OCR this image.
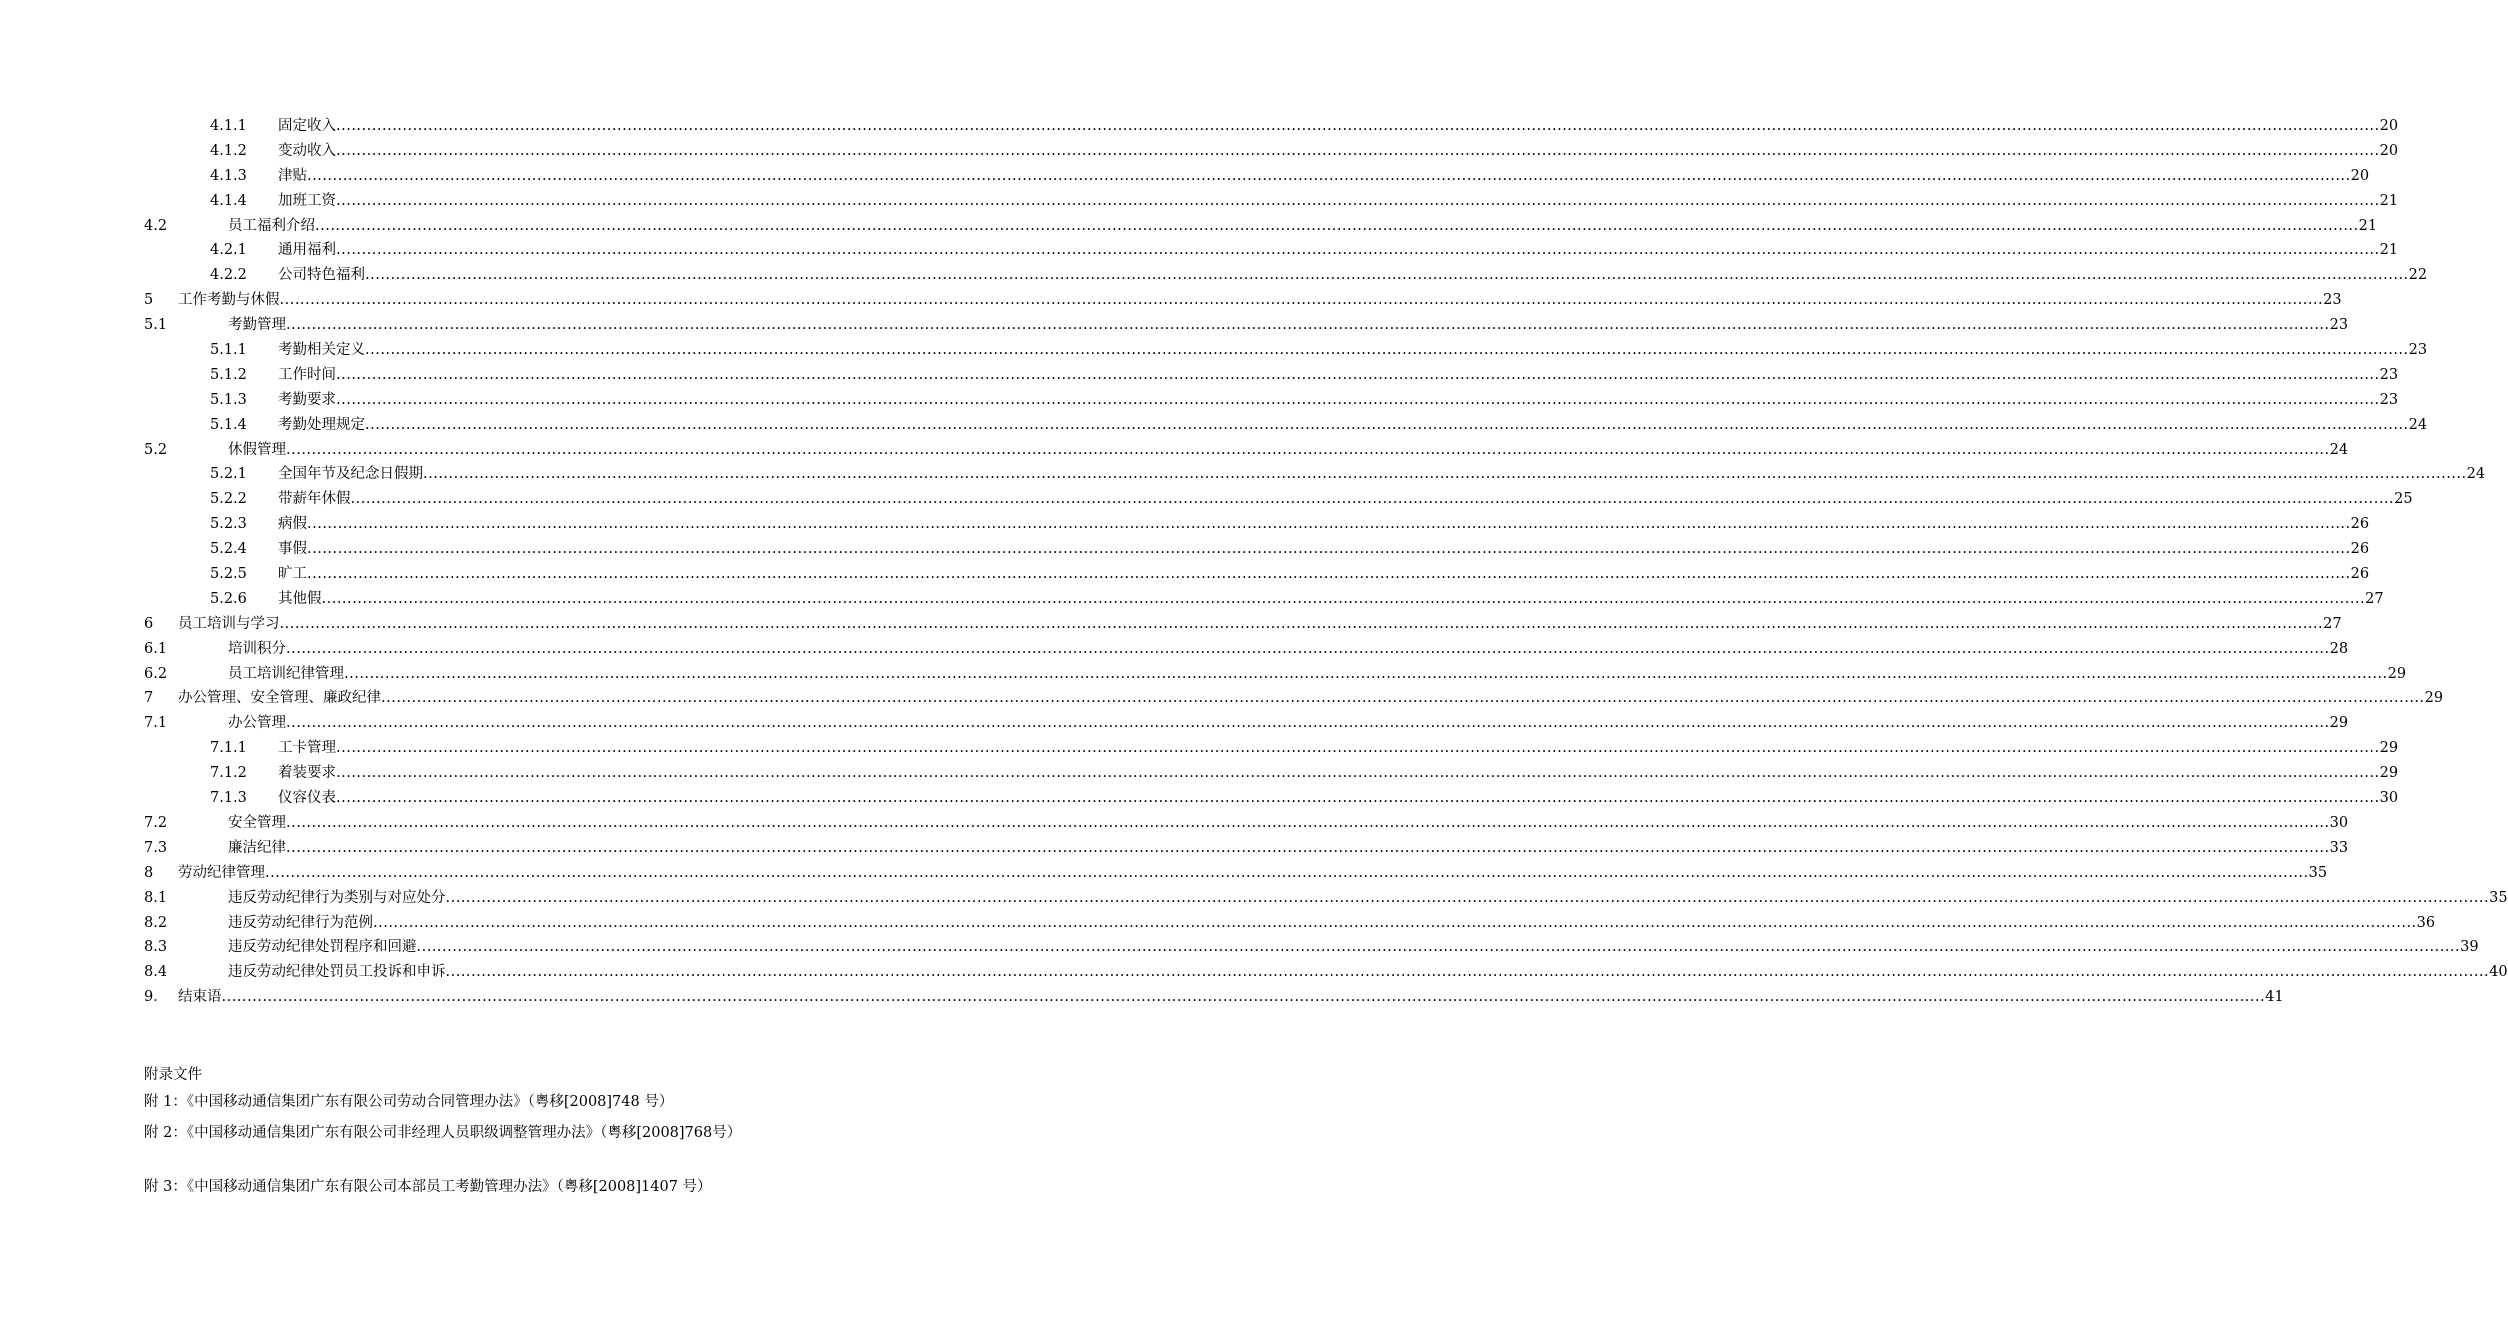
4.1.1 固定收入 ................................................................................................................................................................................................................................................................................................................................................................................................................ 20
4.1.2 变动收入 ................................................................................................................................................................................................................................................................................................................................................................................................................ 20
4.1.3 津贴 ................................................................................................................................................................................................................................................................................................................................................................................................................ 20
4.1.4 加班工资 ................................................................................................................................................................................................................................................................................................................................................................................................................ 21
4.2	员工福利介绍 ................................................................................................................................................................................................................................................................................................................................................................................................................ 21
4.2.1 通用福利 ................................................................................................................................................................................................................................................................................................................................................................................................................ 21
4.2.2 公司特色福利 ................................................................................................................................................................................................................................................................................................................................................................................................................ 22
5 工作考勤与休假 ................................................................................................................................................................................................................................................................................................................................................................................................................ 23
5.1	考勤管理 ................................................................................................................................................................................................................................................................................................................................................................................................................ 23
5.1.1 考勤相关定义 ................................................................................................................................................................................................................................................................................................................................................................................................................ 23
5.1.2 工作时间 ................................................................................................................................................................................................................................................................................................................................................................................................................ 23
5.1.3 考勤要求 ................................................................................................................................................................................................................................................................................................................................................................................................................ 23
5.1.4 考勤处理规定 ................................................................................................................................................................................................................................................................................................................................................................................................................ 24
5.2	休假管理 ................................................................................................................................................................................................................................................................................................................................................................................................................ 24
5.2.1 全国年节及纪念日假期 ................................................................................................................................................................................................................................................................................................................................................................................................................ 24
5.2.2 带薪年休假 ................................................................................................................................................................................................................................................................................................................................................................................................................ 25
5.2.3 病假 ................................................................................................................................................................................................................................................................................................................................................................................................................ 26
5.2.4 事假 ................................................................................................................................................................................................................................................................................................................................................................................................................ 26
5.2.5 旷工 ................................................................................................................................................................................................................................................................................................................................................................................................................ 26
5.2.6 其他假 ................................................................................................................................................................................................................................................................................................................................................................................................................ 27
6 员工培训与学习 ................................................................................................................................................................................................................................................................................................................................................................................................................ 27
6.1	培训积分 ................................................................................................................................................................................................................................................................................................................................................................................................................ 28
6.2	员工培训纪律管理 ................................................................................................................................................................................................................................................................................................................................................................................................................ 29
7 办公管理、安全管理、廉政纪律 ................................................................................................................................................................................................................................................................................................................................................................................................................ 29
7.1	办公管理 ................................................................................................................................................................................................................................................................................................................................................................................................................ 29
7.1.1 工卡管理 ................................................................................................................................................................................................................................................................................................................................................................................................................ 29
7.1.2 着装要求 ................................................................................................................................................................................................................................................................................................................................................................................................................ 29
7.1.3 仪容仪表 ................................................................................................................................................................................................................................................................................................................................................................................................................ 30
7.2	安全管理 ................................................................................................................................................................................................................................................................................................................................................................................................................ 30
7.3	廉洁纪律 ................................................................................................................................................................................................................................................................................................................................................................................................................ 33
8 劳动纪律管理 ................................................................................................................................................................................................................................................................................................................................................................................................................ 35
8.1	违反劳动纪律行为类别与对应处分 ................................................................................................................................................................................................................................................................................................................................................................................................................ 35
8.2	违反劳动纪律行为范例 ................................................................................................................................................................................................................................................................................................................................................................................................................ 36
8.3	违反劳动纪律处罚程序和回避 ................................................................................................................................................................................................................................................................................................................................................................................................................ 39
8.4	违反劳动纪律处罚员工投诉和申诉 ................................................................................................................................................................................................................................................................................................................................................................................................................ 40
9． 结束语 ................................................................................................................................................................................................................................................................................................................................................................................................................ 41
附录文件
附 1：《中国移动通信集团广东有限公司劳动合同管理办法》（粤移[2008]748 号）
附 2：《中国移动通信集团广东有限公司非经理人员职级调整管理办法》（粤移[2008]768号）
附 3：《中国移动通信集团广东有限公司本部员工考勤管理办法》（粤移[2008]1407 号）
